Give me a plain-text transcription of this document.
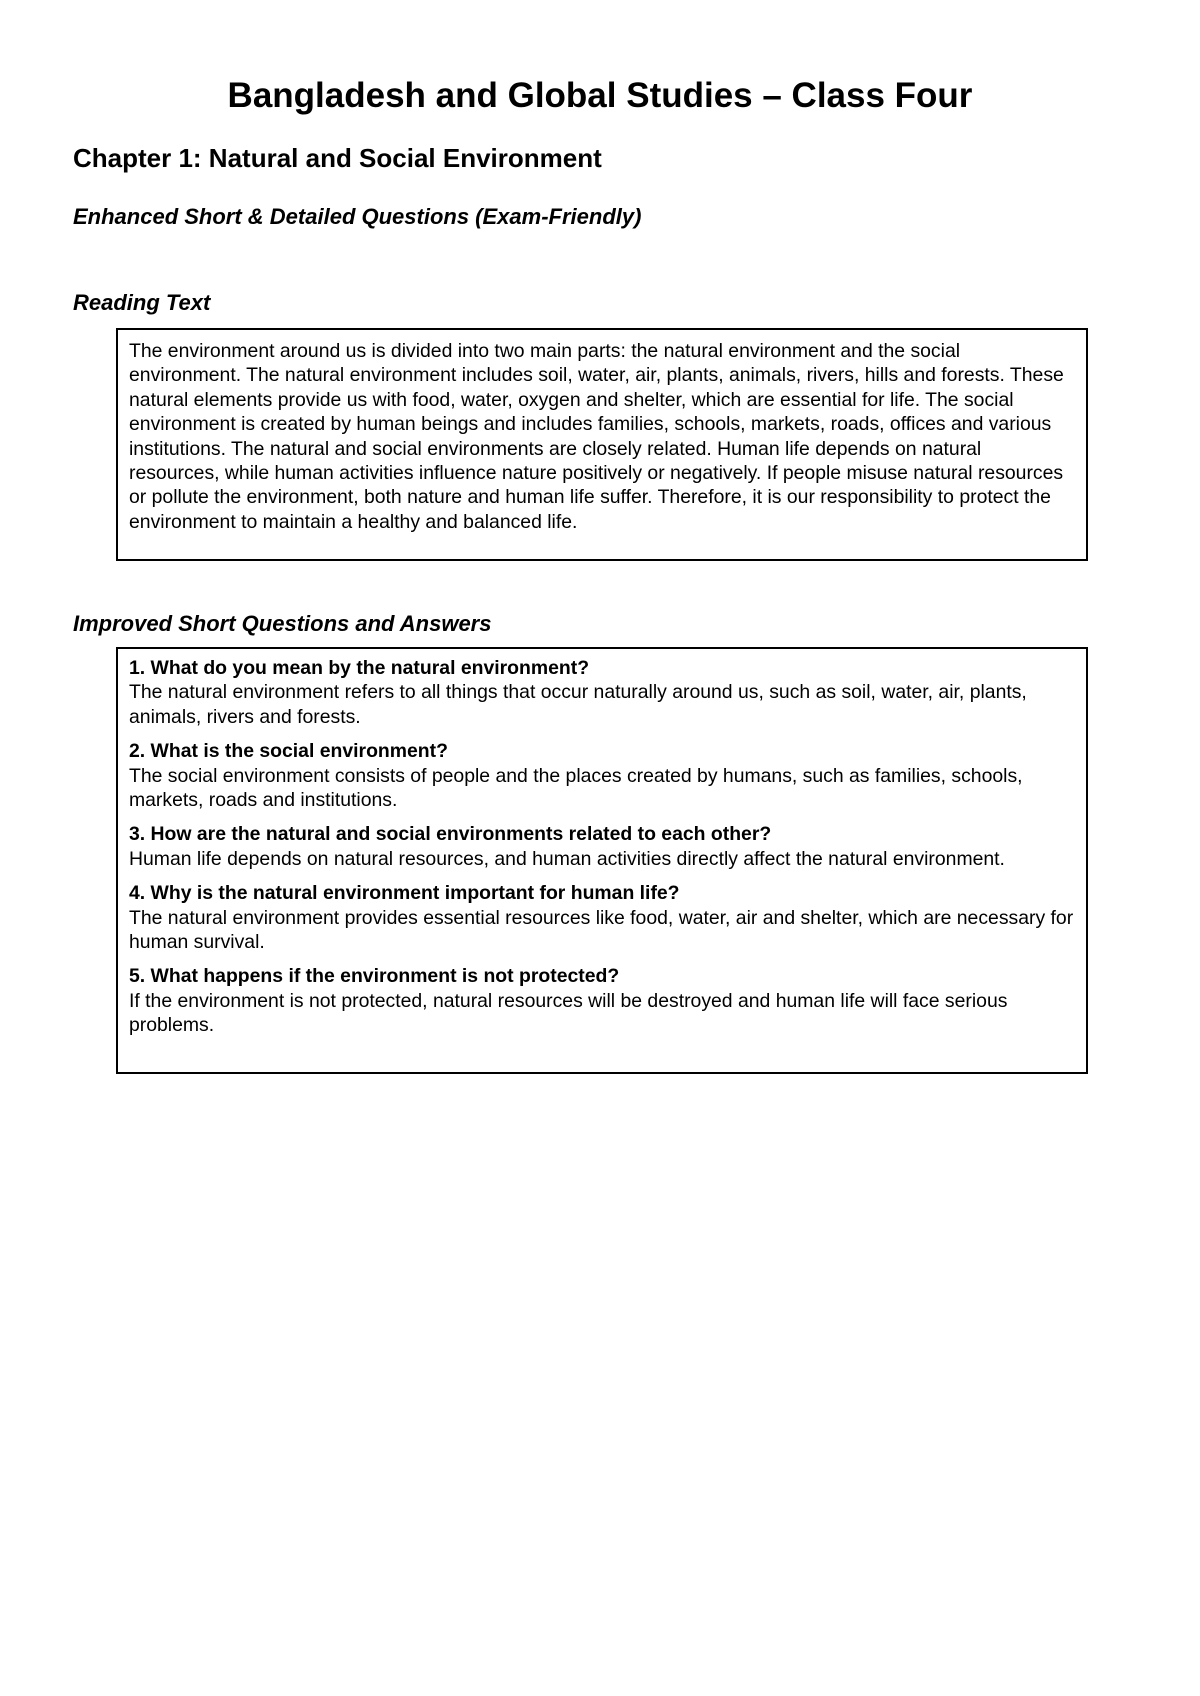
Bangladesh and Global Studies – Class Four
Chapter 1: Natural and Social Environment
Enhanced Short & Detailed Questions (Exam-Friendly)
Reading Text
The environment around us is divided into two main parts: the natural environment and the social environment. The natural environment includes soil, water, air, plants, animals, rivers, hills and forests. These natural elements provide us with food, water, oxygen and shelter, which are essential for life. The social environment is created by human beings and includes families, schools, markets, roads, offices and various institutions. The natural and social environments are closely related. Human life depends on natural resources, while human activities influence nature positively or negatively. If people misuse natural resources or pollute the environment, both nature and human life suffer. Therefore, it is our responsibility to protect the environment to maintain a healthy and balanced life.
Improved Short Questions and Answers
1. What do you mean by the natural environment?
The natural environment refers to all things that occur naturally around us, such as soil, water, air, plants, animals, rivers and forests.
2. What is the social environment?
The social environment consists of people and the places created by humans, such as families, schools, markets, roads and institutions.
3. How are the natural and social environments related to each other?
Human life depends on natural resources, and human activities directly affect the natural environment.
4. Why is the natural environment important for human life?
The natural environment provides essential resources like food, water, air and shelter, which are necessary for human survival.
5. What happens if the environment is not protected?
If the environment is not protected, natural resources will be destroyed and human life will face serious problems.
